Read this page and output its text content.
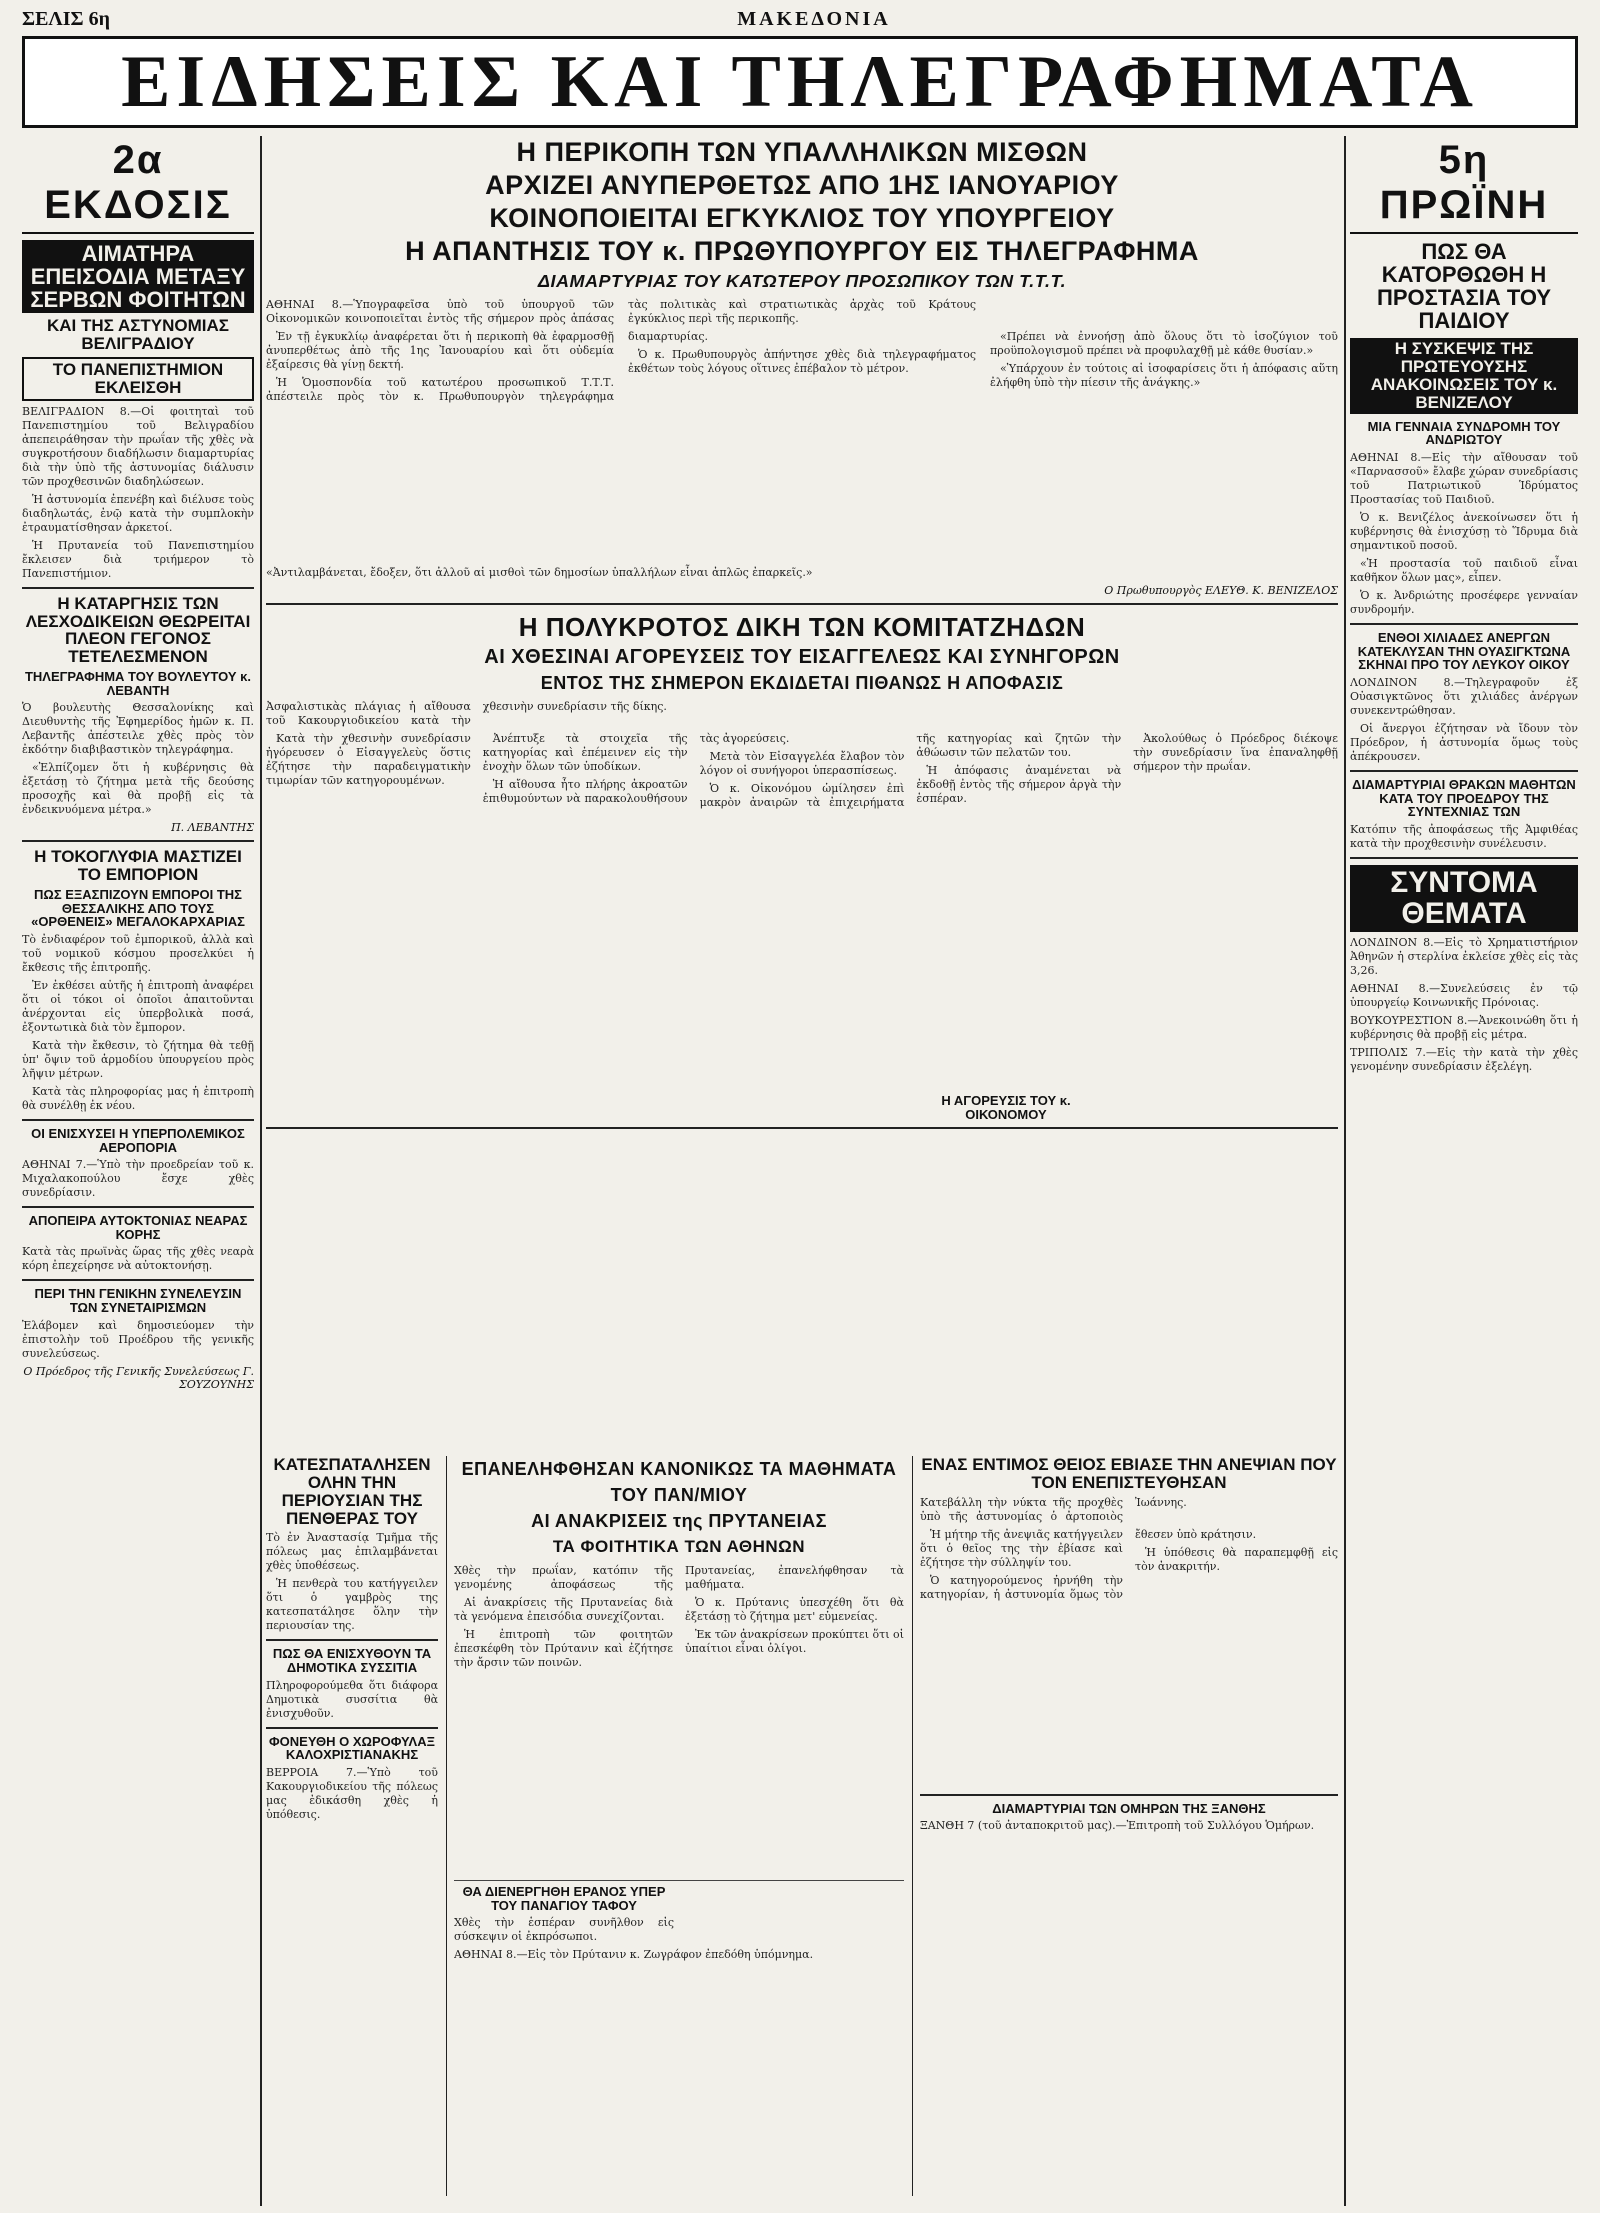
ΣΕΛΙΣ 6η	ΜΑΚΕΔΟΝΙΑ
ΕΙΔΗΣΕΙΣ ΚΑΙ ΤΗΛΕΓΡΑΦΗΜΑΤΑ
2α ΕΚΔΟΣΙΣ
ΑΙΜΑΤΗΡΑ ΕΠΕΙΣΟΔΙΑ ΜΕΤΑΞΥ ΣΕΡΒΩΝ ΦΟΙΤΗΤΩΝ
ΚΑΙ ΤΗΣ ΑΣΤΥΝΟΜΙΑΣ ΒΕΛΙΓΡΑΔΙΟΥ
ΤΟ ΠΑΝΕΠΙΣΤΗΜΙΟΝ ΕΚΛΕΙΣΘΗ
ΒΕΛΙΓΡΑΔΙΟΝ 8.—Οἱ φοιτηταὶ τοῦ Πανεπιστημίου τοῦ Βελιγραδίου ἀπεπειράθησαν τὴν πρωΐαν τῆς χθὲς νὰ συγκροτήσουν διαδήλωσιν διαμαρτυρίας διὰ τὴν ὑπὸ τῆς ἀστυνομίας διάλυσιν τῶν προχθεσινῶν διαδηλώσεων.

Ἡ ἀστυνομία ἐπενέβη καὶ διέλυσε τοὺς διαδηλωτάς, ἐνῷ κατὰ τὴν συμπλοκὴν ἐτραυματίσθησαν ἀρκετοί.

Ἡ Πρυτανεία τοῦ Πανεπιστημίου ἔκλεισεν διὰ τριήμερον τὸ Πανεπιστήμιον.

Η ΚΑΤΑΡΓΗΣΙΣ ΤΩΝ ΛΕΣΧΟΔΙΚΕΙΩΝ ΘΕΩΡΕΙΤΑΙ ΠΛΕΟΝ ΓΕΓΟΝΟΣ ΤΕΤΕΛΕΣΜΕΝΟΝ
ΤΗΛΕΓΡΑΦΗΜΑ ΤΟΥ ΒΟΥΛΕΥΤΟΥ κ. ΛΕΒΑΝΤΗ
Ὁ βουλευτὴς Θεσσαλονίκης καὶ Διευθυντὴς τῆς Ἐφημερίδος ἡμῶν κ. Π. Λεβαντῆς ἀπέστειλε χθὲς πρὸς τὸν ἐκδότην διαβιβαστικὸν τηλεγράφημα.

«Ἐλπίζομεν ὅτι ἡ κυβέρνησις θὰ ἐξετάσῃ τὸ ζήτημα μετὰ τῆς δεούσης προσοχῆς καὶ θὰ προβῇ εἰς τὰ ἐνδεικνυόμενα μέτρα.»

Π. ΛΕΒΑΝΤΗΣ
Η ΤΟΚΟΓΛΥΦΙΑ ΜΑΣΤΙΖΕΙ ΤΟ ΕΜΠΟΡΙΟΝ
ΠΩΣ ΕΞΑΣΠΙΖΟΥΝ ΕΜΠΟΡΟΙ ΤΗΣ ΘΕΣΣΑΛΙΚΗΣ ΑΠΟ ΤΟΥΣ «ΟΡΘΕΝΕΙΣ» ΜΕΓΑΛΟΚΑΡΧΑΡΙΑΣ
Τὸ ἐνδιαφέρον τοῦ ἐμπορικοῦ, ἀλλὰ καὶ τοῦ νομικοῦ κόσμου προσελκύει ἡ ἔκθεσις τῆς ἐπιτροπῆς.

Ἐν ἐκθέσει αὐτῆς ἡ ἐπιτροπὴ ἀναφέρει ὅτι οἱ τόκοι οἱ ὁποῖοι ἀπαιτοῦνται ἀνέρχονται εἰς ὑπερβολικὰ ποσά, ἐξοντωτικὰ διὰ τὸν ἔμπορον.

Κατὰ τὴν ἔκθεσιν, τὸ ζήτημα θὰ τεθῇ ὑπ' ὄψιν τοῦ ἁρμοδίου ὑπουργείου πρὸς λῆψιν μέτρων.

Κατὰ τὰς πληροφορίας μας ἡ ἐπιτροπὴ θὰ συνέλθῃ ἐκ νέου.

ΟΙ ΕΝΙΣΧΥΣΕΙ Η ΥΠΕΡΠΟΛΕΜΙΚΟΣ ΑΕΡΟΠΟΡΙΑ
ΑΘΗΝΑΙ 7.—Ὑπὸ τὴν προεδρείαν τοῦ κ. Μιχαλακοπούλου ἔσχε χθὲς συνεδρίασιν.
ΑΠΟΠΕΙΡΑ ΑΥΤΟΚΤΟΝΙΑΣ ΝΕΑΡΑΣ ΚΟΡΗΣ
Κατὰ τὰς πρωϊνὰς ὥρας τῆς χθὲς νεαρὰ κόρη ἐπεχείρησε νὰ αὐτοκτονήσῃ.
ΠΕΡΙ ΤΗΝ ΓΕΝΙΚΗΝ ΣΥΝΕΛΕΥΣΙΝ ΤΩΝ ΣΥΝΕΤΑΙΡΙΣΜΩΝ
Ἐλάβομεν καὶ δημοσιεύομεν τὴν ἐπιστολὴν τοῦ Προέδρου τῆς γενικῆς συνελεύσεως.
Ο Πρόεδρος τῆς Γενικῆς Συνελεύσεως Γ. ΣΟΥΖΟΥΝΗΣ
Η ΠΕΡΙΚΟΠΗ ΤΩΝ ΥΠΑΛΛΗΛΙΚΩΝ ΜΙΣΘΩΝ
ΑΡΧΙΖΕΙ ΑΝΥΠΕΡΘΕΤΩΣ ΑΠΟ 1ΗΣ ΙΑΝΟΥΑΡΙΟΥ
ΚΟΙΝΟΠΟΙΕΙΤΑΙ ΕΓΚΥΚΛΙΟΣ ΤΟΥ ΥΠΟΥΡΓΕΙΟΥ
Η ΑΠΑΝΤΗΣΙΣ ΤΟΥ κ. ΠΡΩΘΥΠΟΥΡΓΟΥ ΕΙΣ ΤΗΛΕΓΡΑΦΗΜΑ
ΔΙΑΜΑΡΤΥΡΙΑΣ ΤΟΥ ΚΑΤΩΤΕΡΟΥ ΠΡΟΣΩΠΙΚΟΥ ΤΩΝ Τ.Τ.Τ.
ΑΘΗΝΑΙ 8.—Ὑπογραφεῖσα ὑπὸ τοῦ ὑπουργοῦ τῶν Οἰκονομικῶν κοινοποιεῖται ἐντὸς τῆς σήμερον πρὸς ἁπάσας τὰς πολιτικὰς καὶ στρατιωτικὰς ἀρχὰς τοῦ Κράτους ἐγκύκλιος περὶ τῆς περικοπῆς.

Ἐν τῇ ἐγκυκλίῳ ἀναφέρεται ὅτι ἡ περικοπὴ θὰ ἐφαρμοσθῇ ἀνυπερθέτως ἀπὸ τῆς 1ης Ἰανουαρίου καὶ ὅτι οὐδεμία ἐξαίρεσις θὰ γίνῃ δεκτή.

Ἡ Ὁμοσπονδία τοῦ κατωτέρου προσωπικοῦ Τ.Τ.Τ. ἀπέστειλε πρὸς τὸν κ. Πρωθυπουργὸν τηλεγράφημα διαμαρτυρίας.

Ὁ κ. Πρωθυπουργὸς ἀπήντησε χθὲς διὰ τηλεγραφήματος ἐκθέτων τοὺς λόγους οἵτινες ἐπέβαλον τὸ μέτρον.

«Πρέπει νὰ ἐννοήσῃ ἀπὸ ὅλους ὅτι τὸ ἰσοζύγιον τοῦ προϋπολογισμοῦ πρέπει νὰ προφυλαχθῇ μὲ κάθε θυσίαν.»

«Ὑπάρχουν ἐν τούτοις αἱ ἰσοφαρίσεις ὅτι ἡ ἀπόφασις αὕτη ἐλήφθη ὑπὸ τὴν πίεσιν τῆς ἀνάγκης.»

«Ἀντιλαμβάνεται, ἔδοξεν, ὅτι ἀλλοῦ αἱ μισθοὶ τῶν δημοσίων ὑπαλλήλων εἶναι ἀπλῶς ἐπαρκεῖς.»
Ο Πρωθυπουργὸς ΕΛΕΥΘ. Κ. ΒΕΝΙΖΕΛΟΣ
Η ΠΟΛΥΚΡΟΤΟΣ ΔΙΚΗ ΤΩΝ ΚΟΜΙΤΑΤΖΗΔΩΝ
ΑΙ ΧΘΕΣΙΝΑΙ ΑΓΟΡΕΥΣΕΙΣ ΤΟΥ ΕΙΣΑΓΓΕΛΕΩΣ ΚΑΙ ΣΥΝΗΓΟΡΩΝ
ΕΝΤΟΣ ΤΗΣ ΣΗΜΕΡΟΝ ΕΚΔΙΔΕΤΑΙ ΠΙΘΑΝΩΣ Η ΑΠΟΦΑΣΙΣ
Ἀσφαλιστικὰς πλάγιας ἡ αἴθουσα τοῦ Κακουργιοδικείου κατὰ τὴν χθεσινὴν συνεδρίασιν τῆς δίκης.

Κατὰ τὴν χθεσινὴν συνεδρίασιν ἠγόρευσεν ὁ Εἰσαγγελεὺς ὅστις ἐζήτησε τὴν παραδειγματικὴν τιμωρίαν τῶν κατηγορουμένων.

Ἀνέπτυξε τὰ στοιχεῖα τῆς κατηγορίας καὶ ἐπέμεινεν εἰς τὴν ἐνοχὴν ὅλων τῶν ὑποδίκων.

Ἡ αἴθουσα ἦτο πλήρης ἀκροατῶν ἐπιθυμούντων νὰ παρακολουθήσουν τὰς ἀγορεύσεις.

Μετὰ τὸν Εἰσαγγελέα ἔλαβον τὸν λόγον οἱ συνήγοροι ὑπερασπίσεως.

Ὁ κ. Οἰκονόμου ὡμίλησεν ἐπὶ μακρὸν ἀναιρῶν τὰ ἐπιχειρήματα τῆς κατηγορίας καὶ ζητῶν τὴν ἀθώωσιν τῶν πελατῶν του.

Ἡ ἀπόφασις ἀναμένεται νὰ ἐκδοθῇ ἐντὸς τῆς σήμερον ἀργὰ τὴν ἑσπέραν.

Ἀκολούθως ὁ Πρόεδρος διέκοψε τὴν συνεδρίασιν ἵνα ἐπαναληφθῇ σήμερον τὴν πρωΐαν.

Η ΑΓΟΡΕΥΣΙΣ ΤΟΥ κ. ΟΙΚΟΝΟΜΟΥ
ΚΑΤΕΣΠΑΤΑΛΗΣΕΝ ΟΛΗΝ ΤΗΝ ΠΕΡΙΟΥΣΙΑΝ ΤΗΣ ΠΕΝΘΕΡΑΣ ΤΟΥ
Τὸ ἐν Ἀναστασίᾳ Τμῆμα τῆς πόλεως μας ἐπιλαμβάνεται χθὲς ὑποθέσεως.

Ἡ πενθερὰ του κατήγγειλεν ὅτι ὁ γαμβρὸς της κατεσπατάλησε ὅλην τὴν περιουσίαν της.

ΠΩΣ ΘΑ ΕΝΙΣΧΥΘΟΥΝ ΤΑ ΔΗΜΟΤΙΚΑ ΣΥΣΣΙΤΙΑ
Πληροφορούμεθα ὅτι διάφορα Δημοτικὰ συσσίτια θὰ ἐνισχυθοῦν.
ΦΟΝΕΥΘΗ Ο ΧΩΡΟΦΥΛΑΞ ΚΑΛΟΧΡΙΣΤΙΑΝΑΚΗΣ
ΒΕΡΡΟΙΑ 7.—Ὑπὸ τοῦ Κακουργιοδικείου τῆς πόλεως μας ἐδικάσθη χθὲς ἡ ὑπόθεσις.
ΕΠΑΝΕΛΗΦΘΗΣΑΝ ΚΑΝΟΝΙΚΩΣ ΤΑ ΜΑΘΗΜΑΤΑ ΤΟΥ ΠΑΝ/ΜΙΟΥ
ΑΙ ΑΝΑΚΡΙΣΕΙΣ της ΠΡΥΤΑΝΕΙΑΣ
ΤΑ ΦΟΙΤΗΤΙΚΑ ΤΩΝ ΑΘΗΝΩΝ
Χθὲς τὴν πρωΐαν, κατόπιν τῆς γενομένης ἀποφάσεως τῆς Πρυτανείας, ἐπανελήφθησαν τὰ μαθήματα.

Αἱ ἀνακρίσεις τῆς Πρυτανείας διὰ τὰ γενόμενα ἐπεισόδια συνεχίζονται.

Ἡ ἐπιτροπὴ τῶν φοιτητῶν ἐπεσκέφθη τὸν Πρύτανιν καὶ ἐζήτησε τὴν ἄρσιν τῶν ποινῶν.

Ὁ κ. Πρύτανις ὑπεσχέθη ὅτι θὰ ἐξετάσῃ τὸ ζήτημα μετ' εὐμενείας.

Ἐκ τῶν ἀνακρίσεων προκύπτει ὅτι οἱ ὑπαίτιοι εἶναι ὀλίγοι.

ΘΑ ΔΙΕΝΕΡΓΗΘΗ ΕΡΑΝΟΣ ΥΠΕΡ ΤΟΥ ΠΑΝΑΓΙΟΥ ΤΑΦΟΥ
Χθὲς τὴν ἑσπέραν συνῆλθον εἰς σύσκεψιν οἱ ἐκπρόσωποι.
ΑΘΗΝΑΙ 8.—Εἰς τὸν Πρύτανιν κ. Ζωγράφον ἐπεδόθη ὑπόμνημα.
ΕΝΑΣ ΕΝΤΙΜΟΣ ΘΕΙΟΣ ΕΒΙΑΣΕ ΤΗΝ ΑΝΕΨΙΑΝ ΠΟΥ ΤΟΝ ΕΝΕΠΙΣΤΕΥΘΗΣΑΝ
Κατεβάλλη τὴν νύκτα τῆς προχθὲς ὑπὸ τῆς ἀστυνομίας ὁ ἀρτοποιὸς Ἰωάννης.

Ἡ μήτηρ τῆς ἀνεψιᾶς κατήγγειλεν ὅτι ὁ θεῖος της τὴν ἐβίασε καὶ ἐζήτησε τὴν σύλληψίν του.

Ὁ κατηγορούμενος ἠρνήθη τὴν κατηγορίαν, ἡ ἀστυνομία ὅμως τὸν ἔθεσεν ὑπὸ κράτησιν.

Ἡ ὑπόθεσις θὰ παραπεμφθῇ εἰς τὸν ἀνακριτήν.

ΔΙΑΜΑΡΤΥΡΙΑΙ ΤΩΝ ΟΜΗΡΩΝ ΤΗΣ ΞΑΝΘΗΣ
ΞΑΝΘΗ 7 (τοῦ ἀνταποκριτοῦ μας).—Ἐπιτροπὴ τοῦ Συλλόγου Ὁμήρων.
5η ΠΡΩΪΝΗ
ΠΩΣ ΘΑ ΚΑΤΟΡΘΩΘΗ Η ΠΡΟΣΤΑΣΙΑ ΤΟΥ ΠΑΙΔΙΟΥ
Η ΣΥΣΚΕΨΙΣ ΤΗΣ ΠΡΩΤΕΥΟΥΣΗΣ ΑΝΑΚΟΙΝΩΣΕΙΣ ΤΟΥ κ. ΒΕΝΙΖΕΛΟΥ
ΜΙΑ ΓΕΝΝΑΙΑ ΣΥΝΔΡΟΜΗ ΤΟΥ ΑΝΔΡΙΩΤΟΥ
ΑΘΗΝΑΙ 8.—Εἰς τὴν αἴθουσαν τοῦ «Παρνασσοῦ» ἔλαβε χώραν συνεδρίασις τοῦ Πατριωτικοῦ Ἱδρύματος Προστασίας τοῦ Παιδιοῦ.

Ὁ κ. Βενιζέλος ἀνεκοίνωσεν ὅτι ἡ κυβέρνησις θὰ ἐνισχύσῃ τὸ Ἵδρυμα διὰ σημαντικοῦ ποσοῦ.

«Ἡ προστασία τοῦ παιδιοῦ εἶναι καθῆκον ὅλων μας», εἶπεν.

Ὁ κ. Ἀνδριώτης προσέφερε γενναίαν συνδρομήν.

ΕΝΘΟΙ ΧΙΛΙΑΔΕΣ ΑΝΕΡΓΩΝ ΚΑΤΕΚΛΥΣΑΝ ΤΗΝ ΟΥΑΣΙΓΚΤΩΝΑ ΣΚΗΝΑΙ ΠΡΟ ΤΟΥ ΛΕΥΚΟΥ ΟΙΚΟΥ
ΛΟΝΔΙΝΟΝ 8.—Τηλεγραφοῦν ἐξ Οὐασιγκτῶνος ὅτι χιλιάδες ἀνέργων συνεκεντρώθησαν.

Οἱ ἄνεργοι ἐζήτησαν νὰ ἴδουν τὸν Πρόεδρον, ἡ ἀστυνομία ὅμως τοὺς ἀπέκρουσεν.

ΔΙΑΜΑΡΤΥΡΙΑΙ ΘΡΑΚΩΝ ΜΑΘΗΤΩΝ ΚΑΤΑ ΤΟΥ ΠΡΟΕΔΡΟΥ ΤΗΣ ΣΥΝΤΕΧΝΙΑΣ ΤΩΝ
Κατόπιν τῆς ἀποφάσεως τῆς Ἀμφιθέας κατὰ τὴν προχθεσινὴν συνέλευσιν.
ΣΥΝΤΟΜΑ ΘΕΜΑΤΑ
ΛΟΝΔΙΝΟΝ 8.—Εἰς τὸ Χρηματιστήριον Ἀθηνῶν ἡ στερλίνα ἐκλείσε χθὲς εἰς τὰς 3,26.
ΑΘΗΝΑΙ 8.—Συνελεύσεις ἐν τῷ ὑπουργείῳ Κοινωνικῆς Πρόνοιας.
ΒΟΥΚΟΥΡΕΣΤΙΟΝ 8.—Ἀνεκοινώθη ὅτι ἡ κυβέρνησις θὰ προβῇ εἰς μέτρα.
ΤΡΙΠΟΛΙΣ 7.—Εἰς τὴν κατὰ τὴν χθὲς γενομένην συνεδρίασιν ἐξελέγη.
